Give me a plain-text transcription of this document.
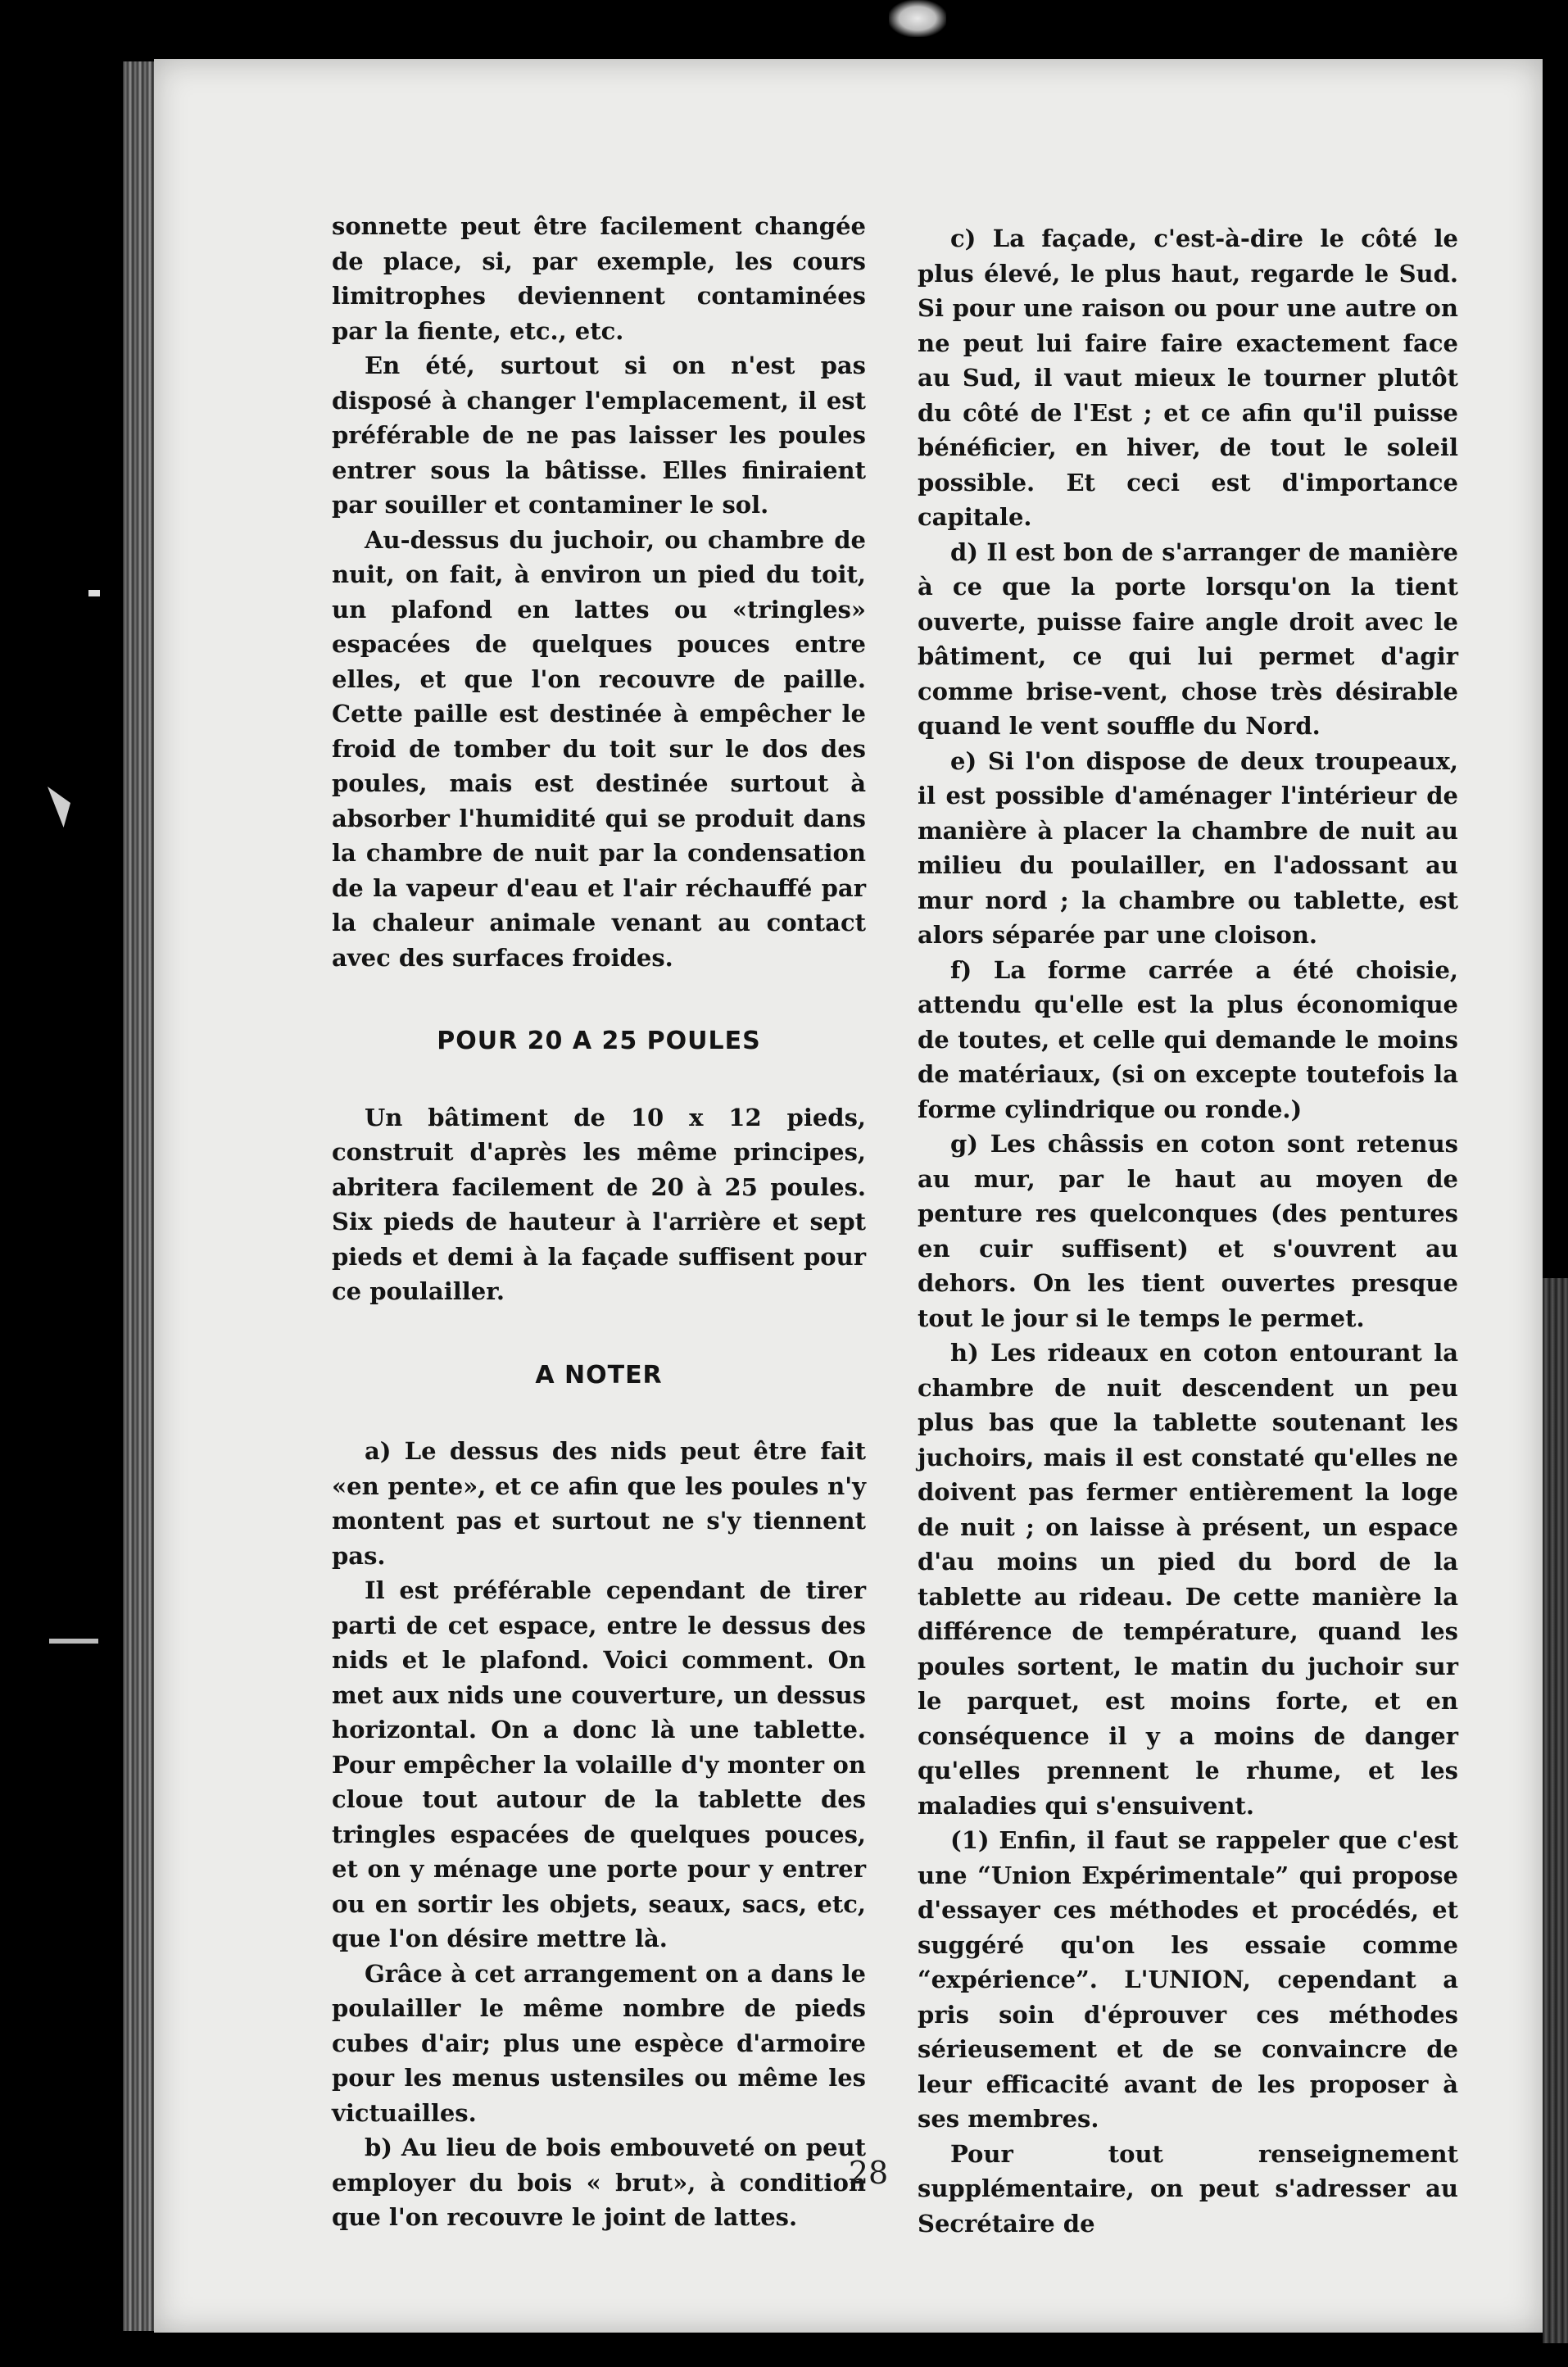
sonnette peut être facilement changée de place, si, par exemple, les cours limitrophes deviennent contaminées par la fiente, etc., etc.

En été, surtout si on n'est pas disposé à changer l'emplacement, il est préférable de ne pas laisser les poules entrer sous la bâtisse. Elles finiraient par souiller et contaminer le sol.

Au-dessus du juchoir, ou chambre de nuit, on fait, à environ un pied du toit, un plafond en lattes ou «tringles» espacées de quelques pouces entre elles, et que l'on recouvre de paille. Cette paille est destinée à empêcher le froid de tomber du toit sur le dos des poules, mais est destinée surtout à absorber l'humidité qui se produit dans la chambre de nuit par la condensation de la vapeur d'eau et l'air réchauffé par la chaleur animale venant au contact avec des surfaces froides.

POUR 20 A 25 POULES

Un bâtiment de 10 x 12 pieds, construit d'après les même principes, abritera facilement de 20 à 25 poules. Six pieds de hauteur à l'arrière et sept pieds et demi à la façade suffisent pour ce poulailler.

A NOTER

a) Le dessus des nids peut être fait «en pente», et ce afin que les poules n'y montent pas et surtout ne s'y tiennent pas.

Il est préférable cependant de tirer parti de cet espace, entre le dessus des nids et le plafond. Voici comment. On met aux nids une couverture, un dessus horizontal. On a donc là une tablette. Pour empêcher la volaille d'y monter on cloue tout autour de la tablette des tringles espacées de quelques pouces, et on y ménage une porte pour y entrer ou en sortir les objets, seaux, sacs, etc, que l'on désire mettre là.

Grâce à cet arrangement on a dans le poulailler le même nombre de pieds cubes d'air; plus une espèce d'armoire pour les menus ustensiles ou même les victuailles.

b) Au lieu de bois embouveté on peut employer du bois « brut», à condition que l'on recouvre le joint de lattes.

c) La façade, c'est-à-dire le côté le plus élevé, le plus haut, regarde le Sud. Si pour une raison ou pour une autre on ne peut lui faire faire exactement face au Sud, il vaut mieux le tourner plutôt du côté de l'Est ; et ce afin qu'il puisse bénéficier, en hiver, de tout le soleil possible. Et ceci est d'importance capitale.

d) Il est bon de s'arranger de manière à ce que la porte lorsqu'on la tient ouverte, puisse faire angle droit avec le bâtiment, ce qui lui permet d'agir comme brise-vent, chose très désirable quand le vent souffle du Nord.

e) Si l'on dispose de deux troupeaux, il est possible d'aménager l'intérieur de manière à placer la chambre de nuit au milieu du poulailler, en l'adossant au mur nord ; la chambre ou tablette, est alors séparée par une cloison.

f) La forme carrée a été choisie, attendu qu'elle est la plus économique de toutes, et celle qui demande le moins de matériaux, (si on excepte toutefois la forme cylindrique ou ronde.)

g) Les châssis en coton sont retenus au mur, par le haut au moyen de penture res quelconques (des pentures en cuir suffisent) et s'ouvrent au dehors. On les tient ouvertes presque tout le jour si le temps le permet.

h) Les rideaux en coton entourant la chambre de nuit descendent un peu plus bas que la tablette soutenant les juchoirs, mais il est constaté qu'elles ne doivent pas fermer entièrement la loge de nuit ; on laisse à présent, un espace d'au moins un pied du bord de la tablette au rideau. De cette manière la différence de température, quand les poules sortent, le matin du juchoir sur le parquet, est moins forte, et en conséquence il y a moins de danger qu'elles prennent le rhume, et les maladies qui s'ensuivent.

(1) Enfin, il faut se rappeler que c'est une “Union Expérimentale” qui propose d'essayer ces méthodes et procédés, et suggéré qu'on les essaie comme “expérience”. L'UNION, cependant a pris soin d'éprouver ces méthodes sérieusement et de se convaincre de leur efficacité avant de les proposer à ses membres.

Pour tout renseignement supplémentaire, on peut s'adresser au Secrétaire de

28
